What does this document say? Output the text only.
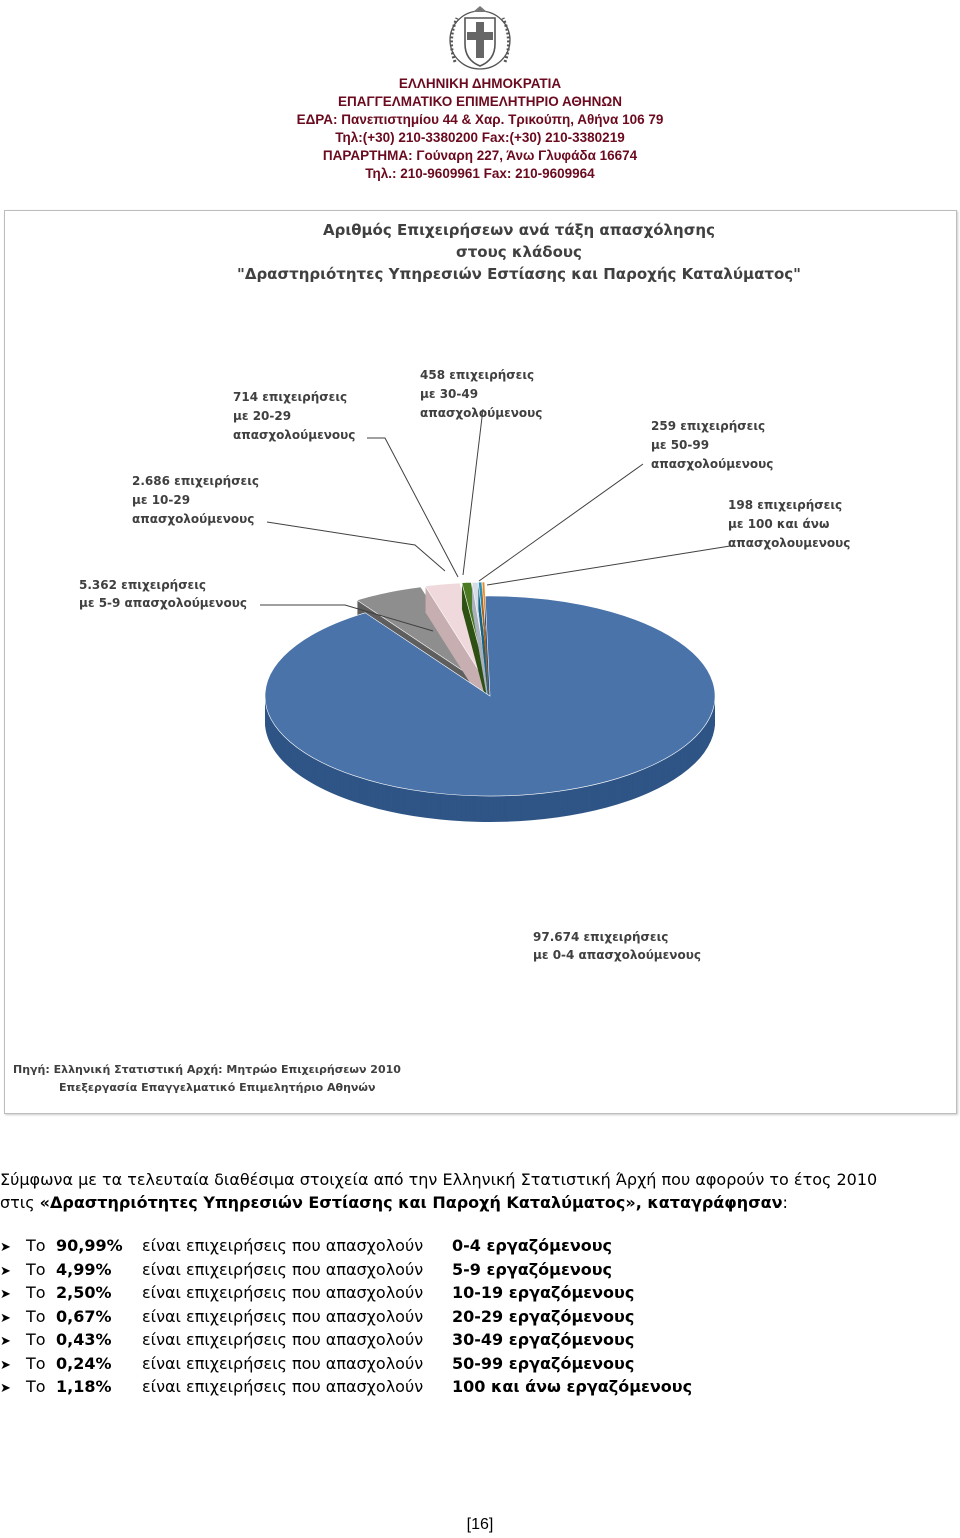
ΕΛΛΗΝΙΚΗ ΔΗΜΟΚΡΑΤΙΑ
ΕΠΑΓΓΕΛΜΑΤΙΚΟ ΕΠΙΜΕΛΗΤΗΡΙΟ ΑΘΗΝΩΝ
ΕΔΡΑ: Πανεπιστημίου 44 & Χαρ. Τρικούπη, Αθήνα 106 79
Τηλ:(+30) 210-3380200 Fax:(+30) 210-3380219
ΠΑΡΑΡΤΗΜΑ: Γούναρη 227, Άνω Γλυφάδα 16674
Τηλ.: 210-9609961 Fax: 210-9609964
Αριθμός Επιχειρήσεων ανά τάξη απασχόλησης
στους κλάδους
"Δραστηριότητες Υπηρεσιών Εστίασης και Παροχής Καταλύματος"
97.674 επιχειρήσεις
με 0-4 απασχολούμενους
5.362 επιχειρήσεις
με 5-9 απασχολούμενους
2.686 επιχειρήσεις
με 10-29
απασχολούμενους
714 επιχειρήσεις
με 20-29
απασχολούμενους
458 επιχειρήσεις
με 30-49
απασχολούμενους
259 επιχειρήσεις
με 50-99
απασχολούμενους
198 επιχειρήσεις
με 100 και άνω
απασχολουμενους
Πηγή: Ελληνική Στατιστική Αρχή: Μητρώο Επιχειρήσεων 2010
Επεξεργασία Επαγγελματικό Επιμελητήριο Αθηνών
Σύμφωνα με τα τελευταία διαθέσιμα στοιχεία από την Ελληνική Στατιστική Άρχή που αφορούν το έτος 2010
στις «Δραστηριότητες Υπηρεσιών Εστίασης και Παροχή Καταλύματος», καταγράφησαν:
➤ Το 90,99% είναι επιχειρήσεις που απασχολούν 0-4 εργαζόμενους
➤ Το 4,99% είναι επιχειρήσεις που απασχολούν 5-9 εργαζόμενους
➤ Το 2,50% είναι επιχειρήσεις που απασχολούν 10-19 εργαζόμενους
➤ Το 0,67% είναι επιχειρήσεις που απασχολούν 20-29 εργαζόμενους
➤ Το 0,43% είναι επιχειρήσεις που απασχολούν 30-49 εργαζόμενους
➤ Το 0,24% είναι επιχειρήσεις που απασχολούν 50-99 εργαζόμενους
➤ Το 1,18% είναι επιχειρήσεις που απασχολούν 100 και άνω εργαζόμενους
[16]
